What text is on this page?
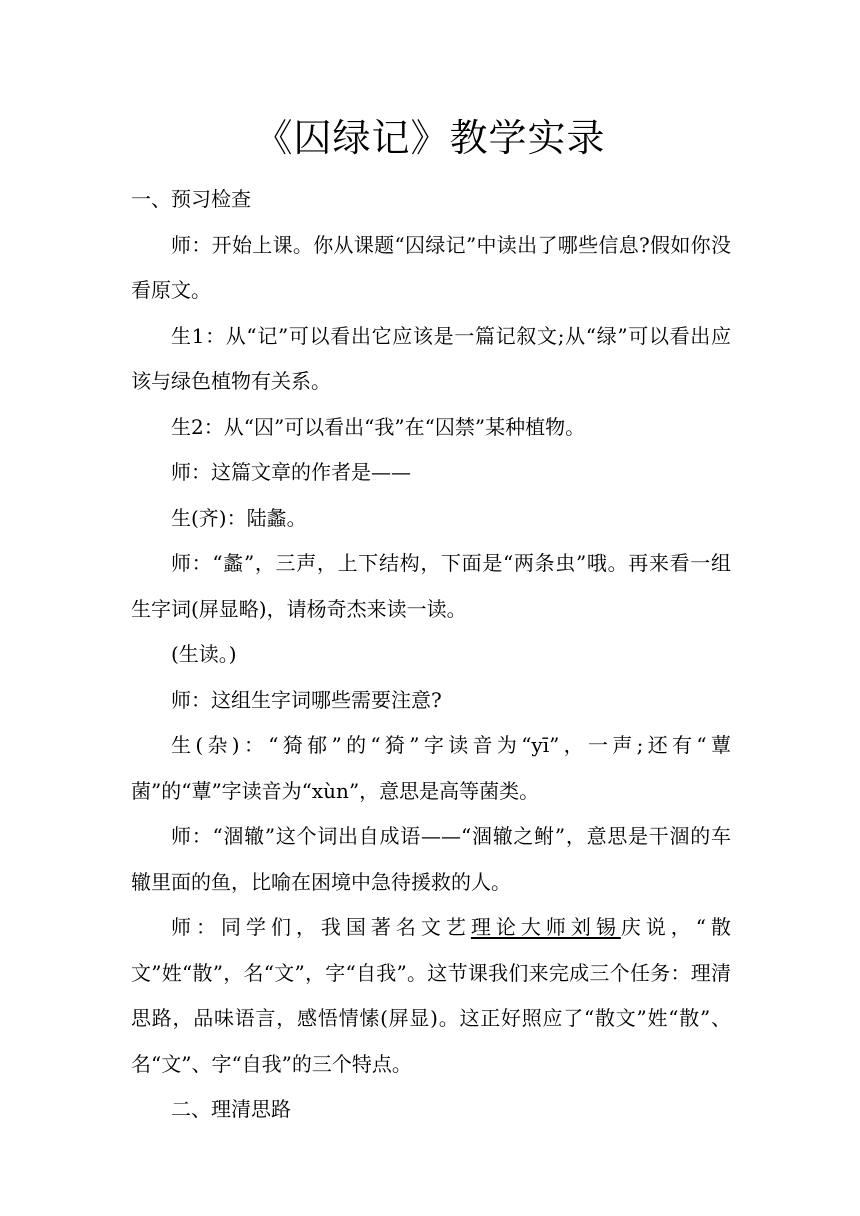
《囚绿记》教学实录

一、预习检查

师：开始上课。你从课题“囚绿记”中读出了哪些信息?假如你没看原文。

生1：从“记”可以看出它应该是一篇记叙文;从“绿”可以看出应该与绿色植物有关系。

生2：从“囚”可以看出“我”在“囚禁”某种植物。

师：这篇文章的作者是——

生(齐)：陆蠡。

师：“蠡”，三声，上下结构，下面是“两条虫”哦。再来看一组生字词(屏显略)，请杨奇杰来读一读。

(生读。)

师：这组生字词哪些需要注意?

生(杂)：“猗郁”的“猗”字读音为“yī”，一声;还有“蕈菌”的“蕈”字读音为“xùn”，意思是高等菌类。

师：“涸辙”这个词出自成语——“涸辙之鲋”，意思是干涸的车辙里面的鱼，比喻在困境中急待援救的人。

师：同学们，我国著名文艺理论大师刘锡庆说，“散文”姓“散”，名“文”，字“自我”。这节课我们来完成三个任务：理清思路，品味语言，感悟情愫(屏显)。这正好照应了“散文”姓“散”、名“文”、字“自我”的三个特点。

二、理清思路
